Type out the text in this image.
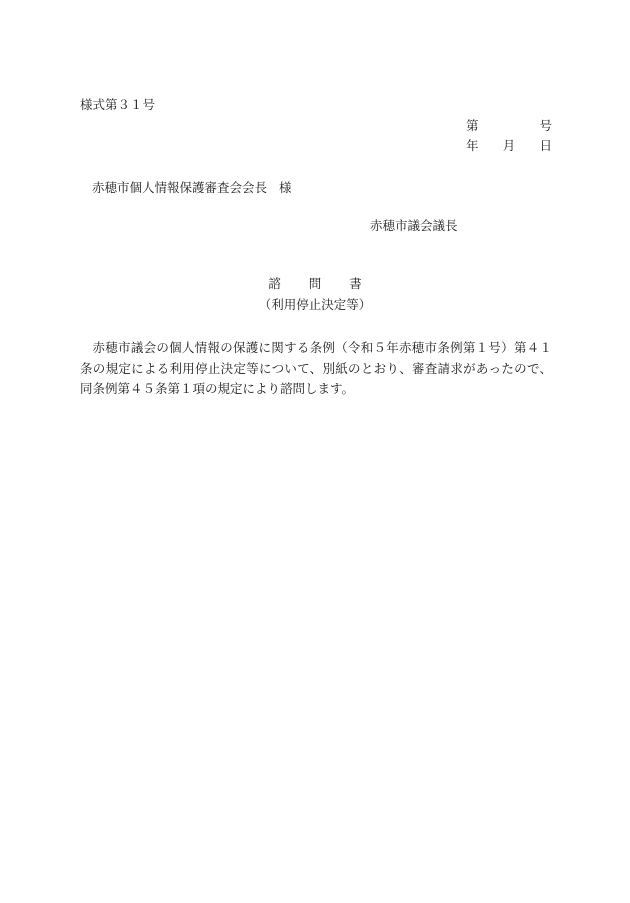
様式第３１号
第	号
年 月 日
赤穂市個人情報保護審査会会長 様
赤穂市議会議長
諮 問 書
（利用停止決定等）

赤穂市議会の個人情報の保護に関する条例（令和５年赤穂市条例第１号）第４１条の規定による利用停止決定等について、別紙のとおり、審査請求があったので、同条例第４５条第１項の規定により諮問します。
